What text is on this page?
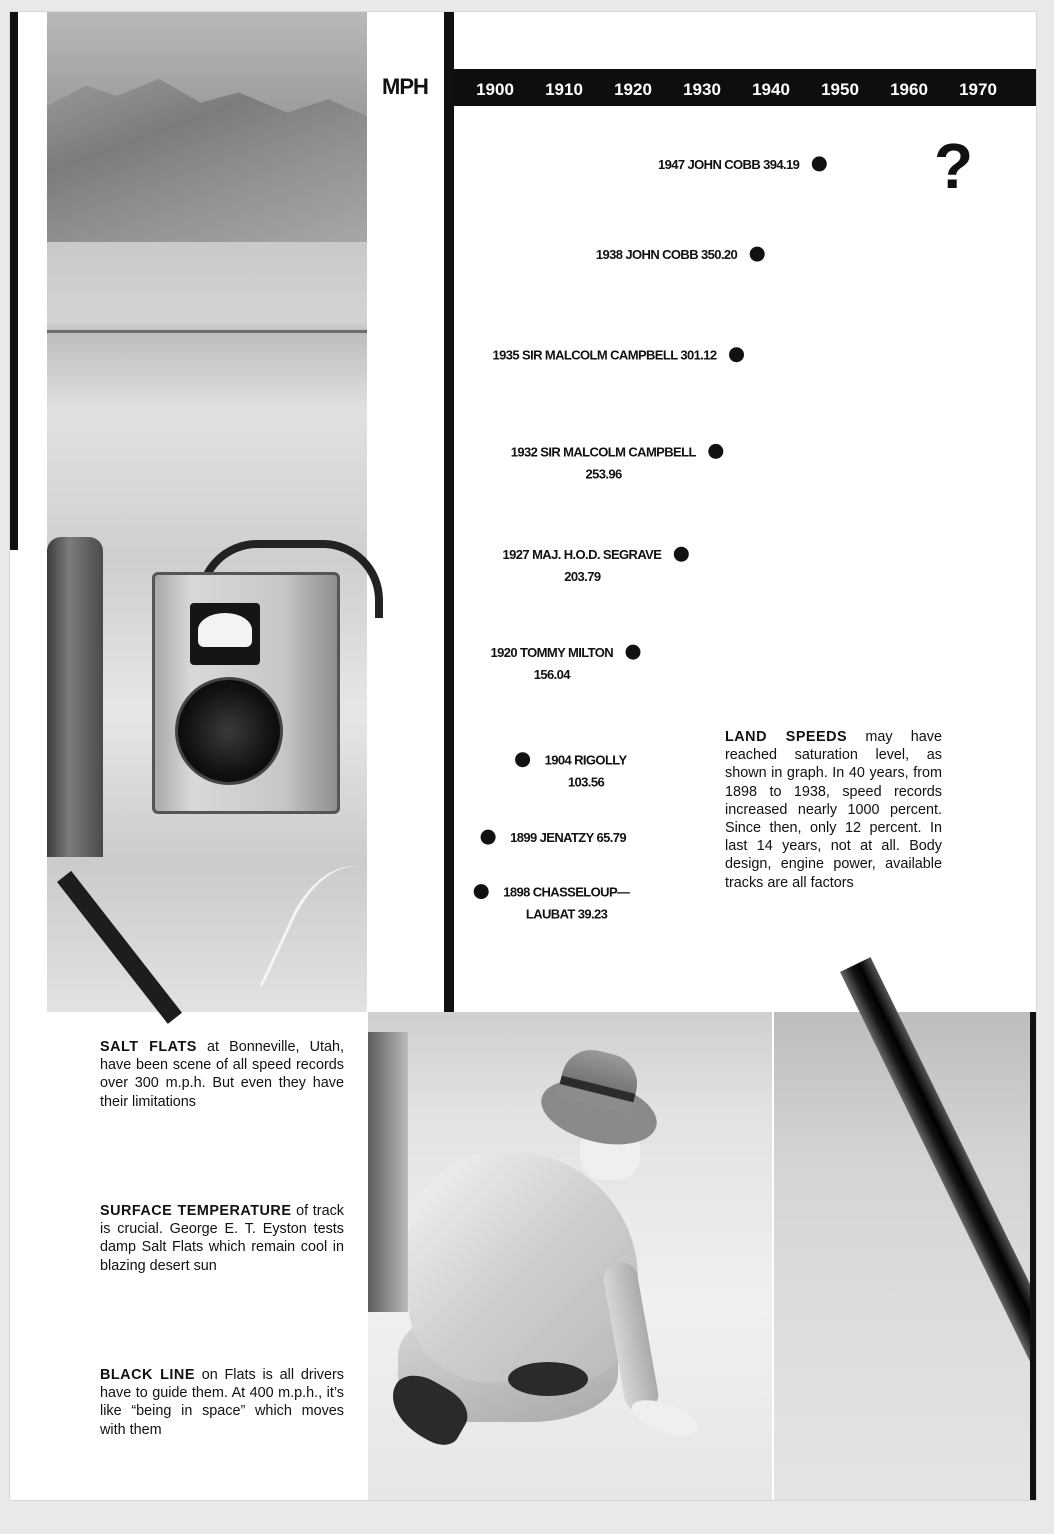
MPH	1900 1910 1920 1930 1940 1950 1960 1970
1898 CHASSELOUP—
LAUBAT 39.23
1899 JENATZY 65.79
1904 RIGOLLY
103.56
1920 TOMMY MILTON
156.04
1927 MAJ. H.O.D. SEGRAVE
203.79
1932 SIR MALCOLM CAMPBELL
253.96
1935 SIR MALCOLM CAMPBELL 301.12
1938 JOHN COBB 350.20
1947 JOHN COBB 394.19 ?
LAND SPEEDS may have reached saturation level, as shown in graph. In 40 years, from 1898 to 1938, speed records increased nearly 1000 percent. Since then, only 12 percent. In last 14 years, not at all. Body design, engine power, available tracks are all factors
SALT FLATS at Bonneville, Utah, have been scene of all speed records over 300 m.p.h. But even they have their limitations
SURFACE TEMPERATURE of track is crucial. George E. T. Eyston tests damp Salt Flats which remain cool in blazing desert sun
BLACK LINE on Flats is all drivers have to guide them. At 400 m.p.h., it’s like “being in space” which moves with them
